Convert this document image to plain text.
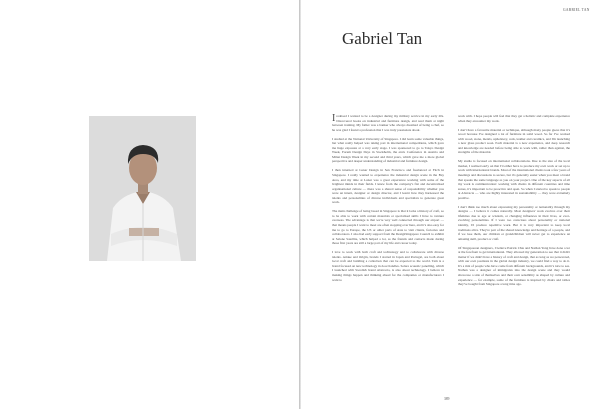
GABRIEL TAN
Gabriel Tan

Irealised I wanted to be a designer during my military service in my early 20s. Discovered books on industrial and furniture design, and read them at night between training. My father was a banker who always dreamed of being a chef, so he was glad I found a profession that I was truly passionate about.

I studied at the National University of Singapore. I did learn some valuable things, but what really helped was taking part in international competitions, which gave me huge exposure at a very early stage. I was sponsored to go to Tokyo Design Week, Forum Design Days in Stockholm, the envu Conference in Austria and Milan Design Week in my second and third years, which gave me a more global perspective and deeper understanding of industrial and furniture design.

I then interned at Lunar Design in San Francisco and freelanced at Fitch in Singapore. I really wanted to experience the industrial design scene in the Bay Area, and my time at Lunar was a great experience working with some of the brightest minds in their fields. I knew from the company's flat and decentralised organisational culture — there was a shared sense of responsibility whether you were an intern, designer or design director, and I learnt how they harnessed the talents and personalities of diverse individuals and specialists to generate great work.

The main challenge of being based in Singapore is that it lacks a history of craft, so to be able to work with certain materials or specialised skills I have to venture overseas. The advantage is that we're very well connected through our airport — that means people I want to meet are often stopping over here, and it's also easy for me to go to Europe, the US or other parts of Asia to visit clients, factories and collaborators. I also had early support from the DesignSingapore Council to exhibit at Salone Satellite, which helped a lot, as the friends and contacts made during those first years are still a large part of my life and career today.

I love to work with both craft and technology and to collaborate with diverse talents. Ariake and Origin, brands I started in Japan and Portugal, are both about local craft and building a collection that can be exported to the world. Tam is a brand focused on new technology in door handles. Solara acoustic panelling, which I launched with Swedish brand Abstracta, is also about technology. I believe in making things happen and thinking ahead for the companies or manufacturers I want to

work with. I hope people will feel that they get a holistic and complete experience when they encounter my work.

I don't have a favourite material or technique, although many people guess that it's wood because I've designed a lot of furniture in solid wood. So far I've worked with wood, stone, metals, upholstery, cork, leather and ceramics, and I'm launching a new glass product soon. Each material is a new experience, and deep research and knowledge are needed before being able to work with, rather than against, the strengths of the material.

My studio is focused on international collaborations. Due to the size of the local market, I realised early on that I'd either have to produce my own work or set up to work with international brands. Most of the international clients took a few years of meetings and discussions to secure, but it's generally easier when you meet a brand that speaks the same language as you on your project. One of the key aspects of all my work is communication: working with clients in different countries and time zones, it's important to be proactive and open. So when I started to speak to people at Abstracta — who are highly interested in sustainability — they were extremely positive.

I don't think too much about expressing my personality or nationality through my designs — I believe it comes naturally. Most designers' work evolves over their lifetimes due to age or wisdom, or changing influences in their lives, or ever-evolving personalities. If I were too conscious about personality or national identity, I'd produce repetitive work. But it is very important to keep local traditions alive. They're part of the shared knowledge and heritage of a people, and if we lose them, our children or grandchildren will never get to experience an amazing skill, product or craft.

Of Singaporean designers, I believe Patrick Chia and Nathan Yong have done a lot at the forefront to get international. They allowed my generation to see that it didn't matter if we didn't have a history of craft and design, that as long as we persevered, with our own positions in the global design industry, we could find a way to do it. It's a mix of people who have come from different backgrounds, and it's nice to see. Nathan was a designer of immigrants into the design scene and they would showcase a side of themselves and their own sensibility as shaped by culture and experience — for example, some of the furniture is inspired by chairs and tables they've bought from Singapore a long time ago.

389
